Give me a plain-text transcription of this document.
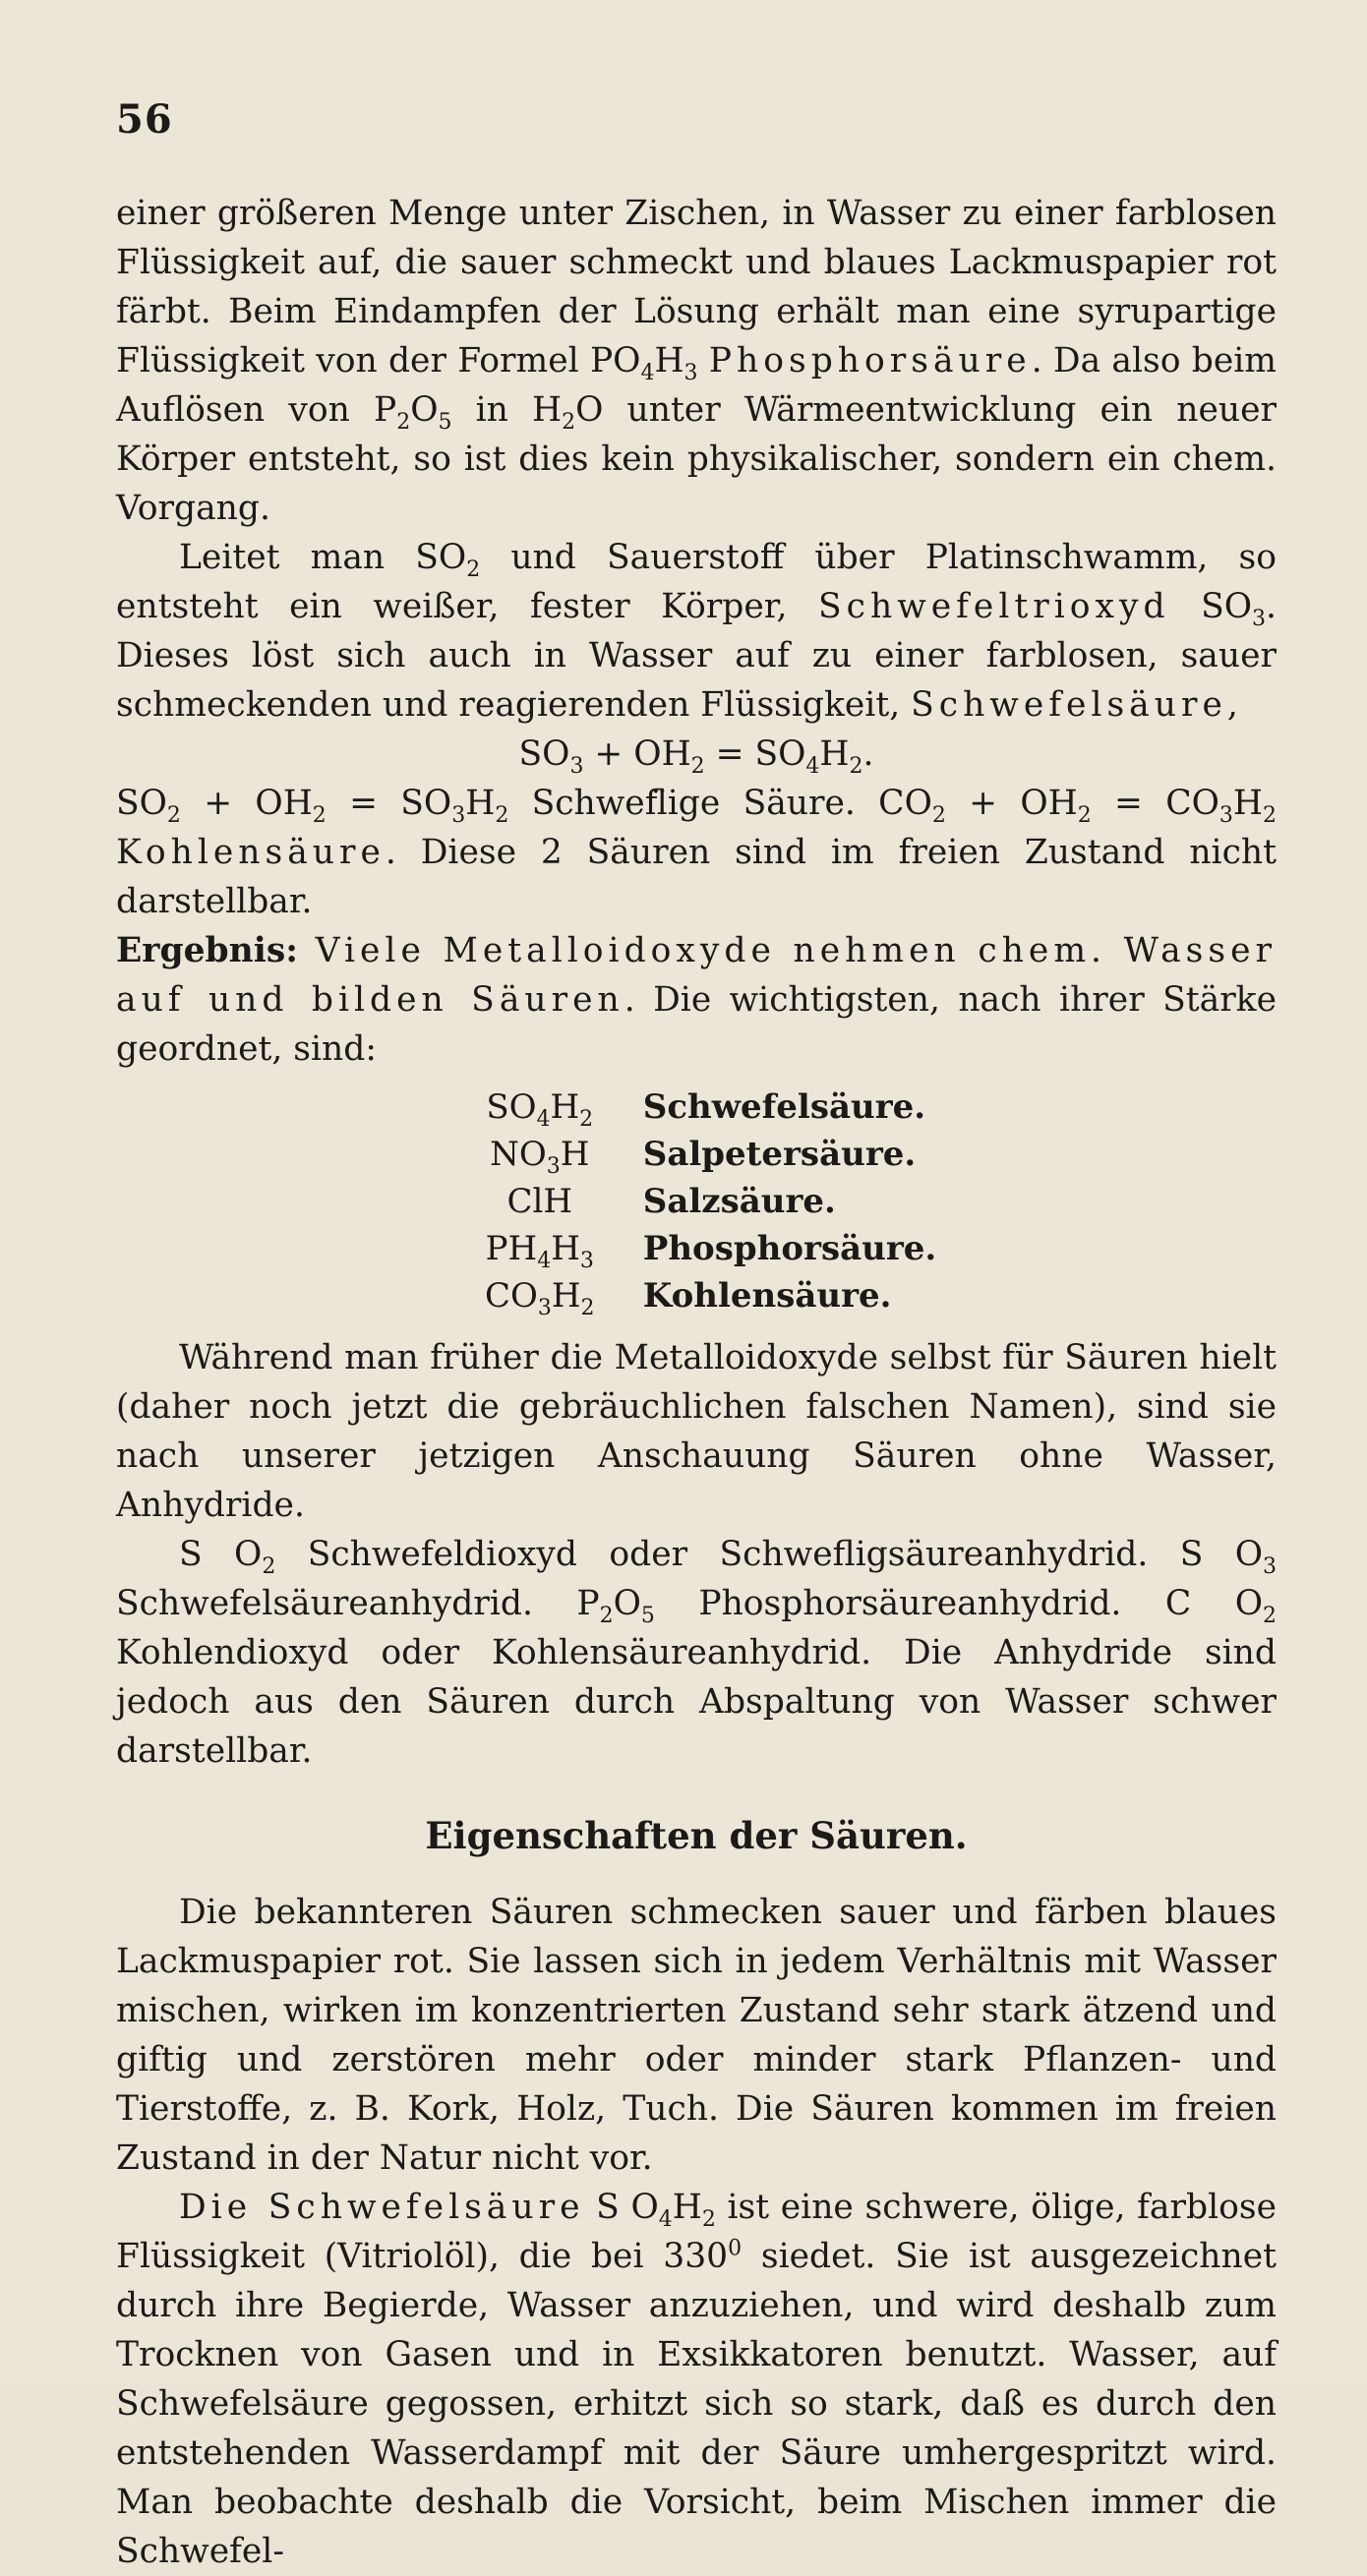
56

einer größeren Menge unter Zischen, in Wasser zu einer farblosen Flüssigkeit auf, die sauer schmeckt und blaues Lackmuspapier rot färbt. Beim Eindampfen der Lösung erhält man eine syrupartige Flüssigkeit von der Formel $PO_4H_3$ Phosphorsäure. Da also beim Auflösen von $P_2O_5$ in $H_2O$ unter Wärmeentwicklung ein neuer Körper entsteht, so ist dies kein physikalischer, sondern ein chem. Vorgang.

Leitet man $SO_2$ und Sauerstoff über Platinschwamm, so entsteht ein weißer, fester Körper, Schwefeltrioxyd $SO_3$. Dieses löst sich auch in Wasser auf zu einer farblosen, sauer schmeckenden und reagierenden Flüssigkeit, Schwefelsäure,

$SO_3 + OH_2 = SO_4H_2$.

$SO_2 + OH_2 = SO_3H_2$ Schwefl̈ige Säure. $CO_2 + OH_2 = CO_3H_2$ Kohlensäure. Diese 2 Säuren sind im freien Zustand nicht darstellbar.

Ergebnis: Viele Metalloidoxyde nehmen chem. Wasser auf und bilden Säuren. Die wichtigsten, nach ihrer Stärke geordnet, sind:

$SO_4H_2$	Schwefelsäure.
$NO_3H$	Salpetersäure.
ClH	Salzsäure.
$PH_4H_3$	Phosphorsäure.
$CO_3H_2$	Kohlensäure.

Während man früher die Metalloidoxyde selbst für Säuren hielt (daher noch jetzt die gebräuchlichen falschen Namen), sind sie nach unserer jetzigen Anschauung Säuren ohne Wasser, Anhydride.

S $O_2$ Schwefeldioxyd oder Schwefligsäureanhydrid. S $O_3$ Schwefelsäureanhydrid. $P_2O_5$ Phosphorsäureanhydrid. C $O_2$ Kohlendioxyd oder Kohlensäureanhydrid. Die Anhydride sind jedoch aus den Säuren durch Abspaltung von Wasser schwer darstellbar.

Eigenschaften der Säuren.

Die bekannteren Säuren schmecken sauer und färben blaues Lackmuspapier rot. Sie lassen sich in jedem Verhältnis mit Wasser mischen, wirken im konzentrierten Zustand sehr stark ätzend und giftig und zerstören mehr oder minder stark Pflanzen- und Tierstoffe, z. B. Kork, Holz, Tuch. Die Säuren kommen im freien Zustand in der Natur nicht vor.

Die Schwefelsäure S $O_4H_2$ ist eine schwere, ölige, farblose Flüssigkeit (Vitriolöl), die bei $330^0$ siedet. Sie ist ausgezeichnet durch ihre Begierde, Wasser anzuziehen, und wird deshalb zum Trocknen von Gasen und in Exsikkatoren benutzt. Wasser, auf Schwefelsäure gegossen, erhitzt sich so stark, daß es durch den entstehenden Wasserdampf mit der Säure umhergespritzt wird. Man beobachte deshalb die Vorsicht, beim Mischen immer die Schwefel-
